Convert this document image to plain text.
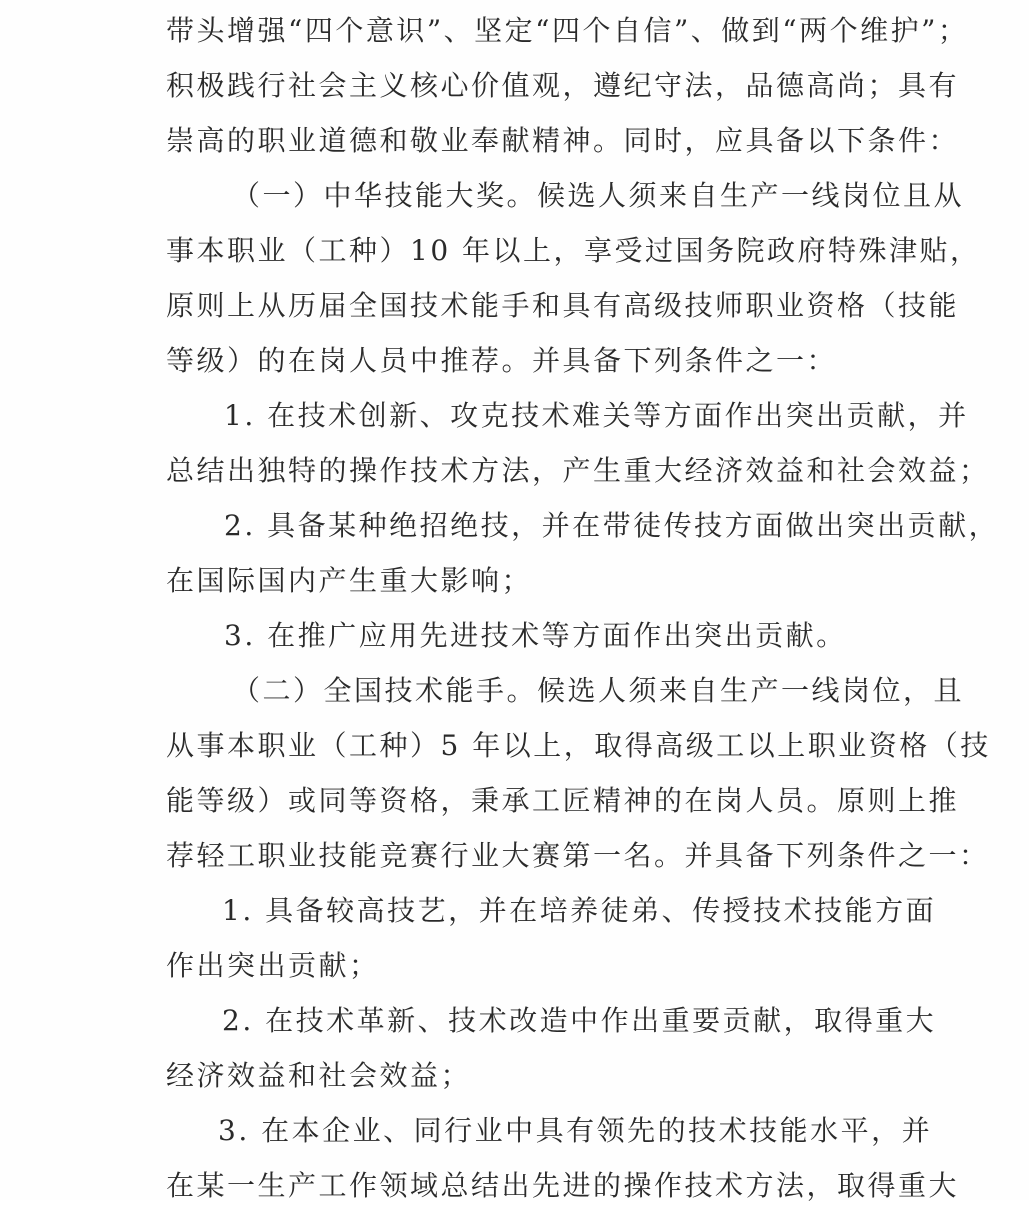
带头增强“四个意识”、坚定“四个自信”、做到“两个维护”；
积极践行社会主义核心价值观，遵纪守法，品德高尚；具有
崇高的职业道德和敬业奉献精神。同时，应具备以下条件：
（一）中华技能大奖。候选人须来自生产一线岗位且从
事本职业（工种）10 年以上，享受过国务院政府特殊津贴，
原则上从历届全国技术能手和具有高级技师职业资格（技能
等级）的在岗人员中推荐。并具备下列条件之一：
1. 在技术创新、攻克技术难关等方面作出突出贡献，并
总结出独特的操作技术方法，产生重大经济效益和社会效益；
2. 具备某种绝招绝技，并在带徒传技方面做出突出贡献，
在国际国内产生重大影响；
3. 在推广应用先进技术等方面作出突出贡献。
（二）全国技术能手。候选人须来自生产一线岗位，且
从事本职业（工种）5 年以上，取得高级工以上职业资格（技
能等级）或同等资格，秉承工匠精神的在岗人员。原则上推
荐轻工职业技能竞赛行业大赛第一名。并具备下列条件之一：
1. 具备较高技艺，并在培养徒弟、传授技术技能方面
作出突出贡献；
2. 在技术革新、技术改造中作出重要贡献，取得重大
经济效益和社会效益；
3. 在本企业、同行业中具有领先的技术技能水平，并
在某一生产工作领域总结出先进的操作技术方法，取得重大
